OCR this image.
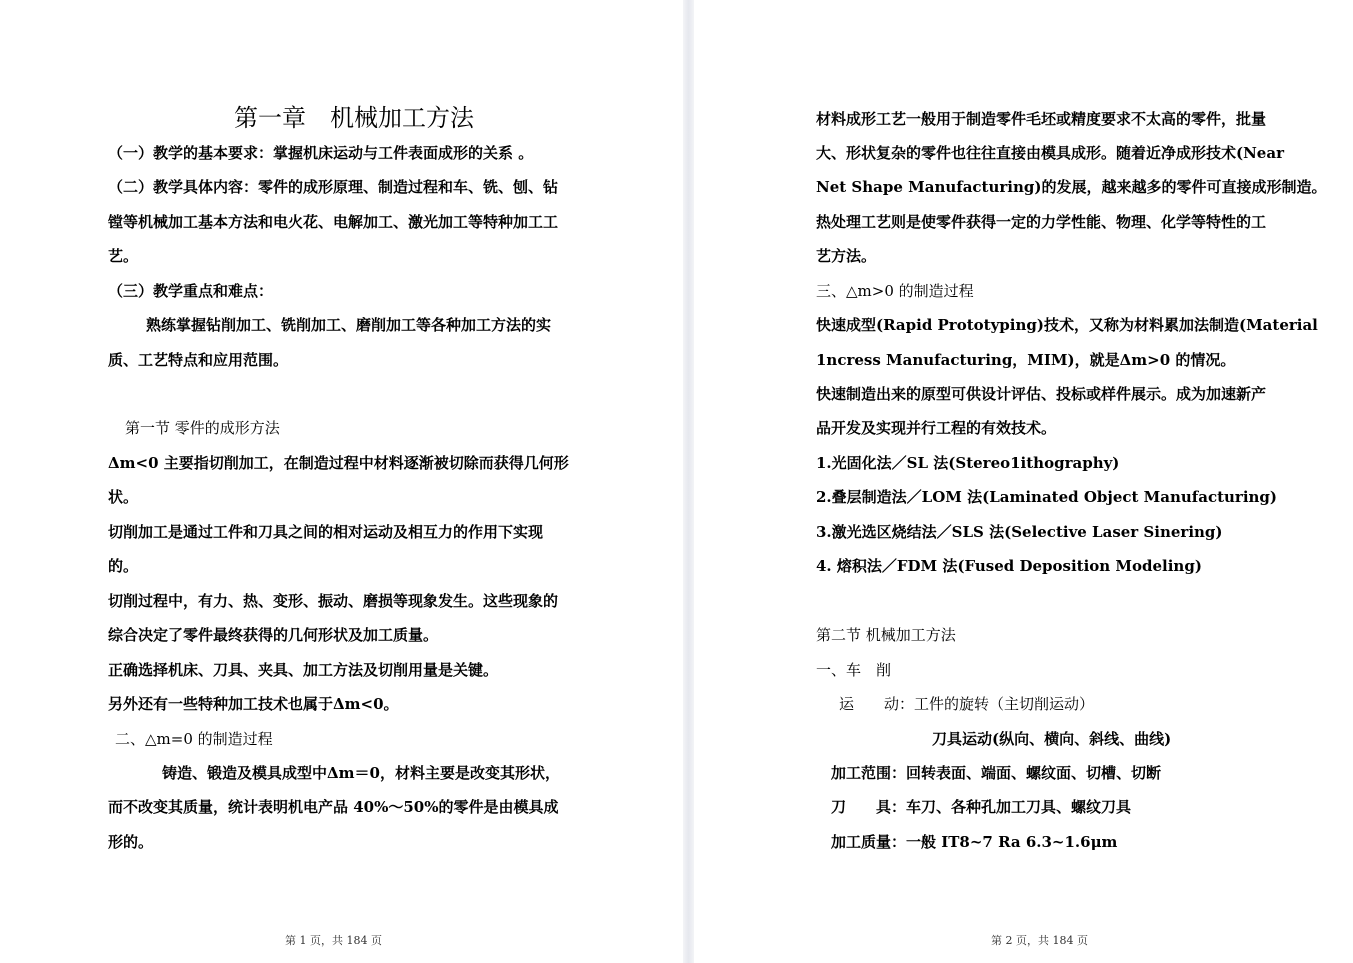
第一章　机械加工方法
（一）教学的基本要求：掌握机床运动与工件表面成形的关系 。
（二）教学具体内容：零件的成形原理、制造过程和车、铣、刨、钻
镗等机械加工基本方法和电火花、电解加工、激光加工等特种加工工
艺。
（三）教学重点和难点：
熟练掌握钻削加工、铣削加工、磨削加工等各种加工方法的实
质、工艺特点和应用范围。
第一节 零件的成形方法
Δm<0 主要指切削加工，在制造过程中材料逐渐被切除而获得几何形
状。
切削加工是通过工件和刀具之间的相对运动及相互力的作用下实现
的。
切削过程中，有力、热、变形、振动、磨损等现象发生。这些现象的
综合决定了零件最终获得的几何形状及加工质量。
正确选择机床、刀具、夹具、加工方法及切削用量是关键。
另外还有一些特种加工技术也属于Δm<0。
二、△m=0 的制造过程
铸造、锻造及模具成型中Δm＝0，材料主要是改变其形状，
而不改变其质量，统计表明机电产品 40%～50%的零件是由模具成
形的。
第 1 页，共 184 页
材料成形工艺一般用于制造零件毛坯或精度要求不太高的零件，批量
大、形状复杂的零件也往往直接由模具成形。随着近净成形技术(Near
Net Shape Manufacturing)的发展，越来越多的零件可直接成形制造。
热处理工艺则是使零件获得一定的力学性能、物理、化学等特性的工
艺方法。
三、△m>0 的制造过程
快速成型(Rapid Prototyping)技术，又称为材料累加法制造(Material
1ncress Manufacturing，MIM)，就是Δm>0 的情况。
快速制造出来的原型可供设计评估、投标或样件展示。成为加速新产
品开发及实现并行工程的有效技术。
1.光固化法／SL 法(Stereo1ithography)
2.叠层制造法／LOM 法(Laminated Object Manufacturing)
3.激光选区烧结法／SLS 法(Selective Laser Sinering)
4. 熔积法／FDM 法(Fused Deposition Modeling)
第二节 机械加工方法
一、车　削
运　　动：工件的旋转（主切削运动）
刀具运动(纵向、横向、斜线、曲线)
加工范围：回转表面、端面、螺纹面、切槽、切断
刀　　具：车刀、各种孔加工刀具、螺纹刀具
加工质量：一般 IT8~7 Ra 6.3~1.6μm
第 2 页，共 184 页
